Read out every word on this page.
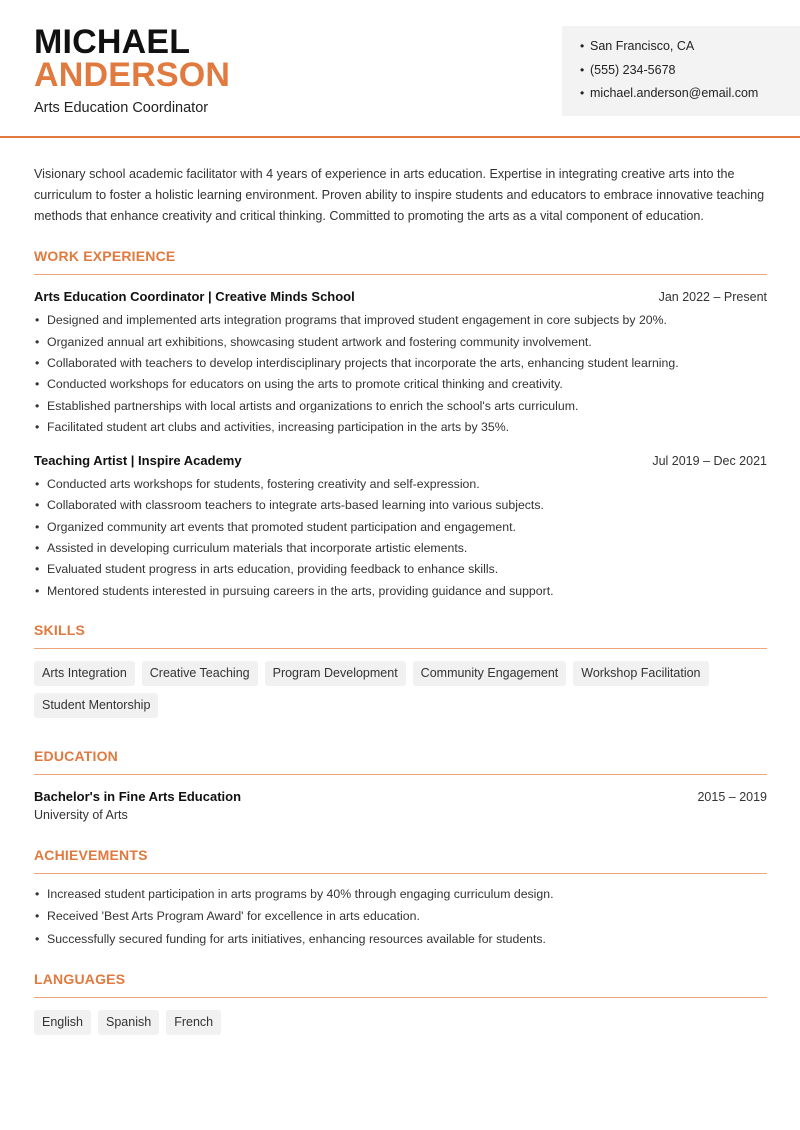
MICHAEL
ANDERSON
Arts Education Coordinator
• San Francisco, CA
• (555) 234-5678
• michael.anderson@email.com

Visionary school academic facilitator with 4 years of experience in arts education. Expertise in integrating creative arts into the curriculum to foster a holistic learning environment. Proven ability to inspire students and educators to embrace innovative teaching methods that enhance creativity and critical thinking. Committed to promoting the arts as a vital component of education.

WORK EXPERIENCE
Arts Education Coordinator | Creative Minds School	Jan 2022 – Present
• Designed and implemented arts integration programs that improved student engagement in core subjects by 20%.
• Organized annual art exhibitions, showcasing student artwork and fostering community involvement.
• Collaborated with teachers to develop interdisciplinary projects that incorporate the arts, enhancing student learning.
• Conducted workshops for educators on using the arts to promote critical thinking and creativity.
• Established partnerships with local artists and organizations to enrich the school's arts curriculum.
• Facilitated student art clubs and activities, increasing participation in the arts by 35%.
Teaching Artist | Inspire Academy	Jul 2019 – Dec 2021
• Conducted arts workshops for students, fostering creativity and self-expression.
• Collaborated with classroom teachers to integrate arts-based learning into various subjects.
• Organized community art events that promoted student participation and engagement.
• Assisted in developing curriculum materials that incorporate artistic elements.
• Evaluated student progress in arts education, providing feedback to enhance skills.
• Mentored students interested in pursuing careers in the arts, providing guidance and support.
SKILLS
Arts Integration	Creative Teaching	Program Development	Community Engagement	Workshop Facilitation
Student Mentorship
EDUCATION
Bachelor's in Fine Arts Education	2015 – 2019
University of Arts
ACHIEVEMENTS
• Increased student participation in arts programs by 40% through engaging curriculum design.
• Received 'Best Arts Program Award' for excellence in arts education.
• Successfully secured funding for arts initiatives, enhancing resources available for students.
LANGUAGES
English	Spanish	French
